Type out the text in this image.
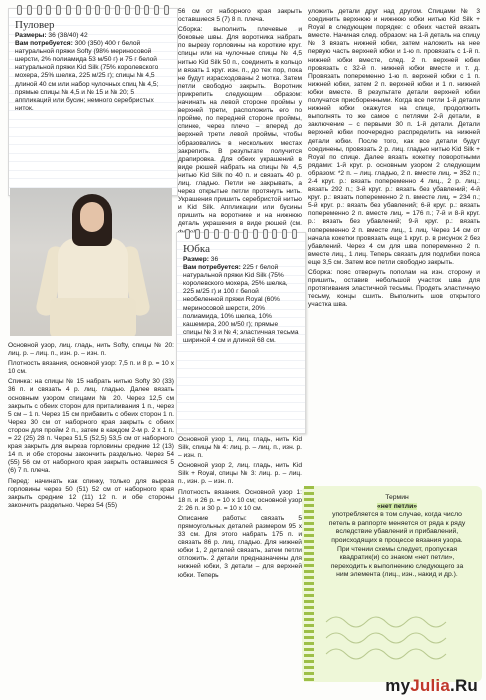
Пуловер
Размеры: 36 (38/40) 42
Вам потребуется: 300 (350) 400 г белой натуральной пряжи Softy (98% мериносовой шерсти, 2% полиамида 53 м/50 г) и 75 г белой натуральной пряжи Kid Silk (75% королевского мохера, 25% шелка, 225 м/25 г); спицы № 4,5 длиной 40 см или набор чулочных спиц № 4,5; прямые спицы № 4,5 и № 15 и № 20; 5 аппликаций или бусин; немного серебристых ниток.

Основной узор, лиц. гладь, нить Softy, спицы № 20: лиц. р. – лиц. п., изн. р. – изн. п.

Плотность вязания, основной узор: 7,5 п. и 8 р. = 10 х 10 см.

Спинка: на спицы № 15 набрать нитью Softy 30 (33) 36 п. и связать 4 р. лиц. гладью. Далее вязать основным узором спицами № 20. Через 12,5 см закрыть с обеих сторон для приталивания 1 п., через 5 см – 1 п. Через 15 см прибавить с обеих сторон 1 п. Через 30 см от наборного края закрыть с обеих сторон для пройм 2 п., затем в каждом 2-м р. 2 х 1 п. = 22 (25) 28 п. Через 51,5 (52,5) 53,5 см от наборного края закрыть для выреза горловины средние 12 (13) 14 п. и обе стороны закончить раздельно. Через 54 (55) 56 см от наборного края закрыть оставшиеся 5 (6) 7 п. плеча.

Перед: начинать как спинку, только для выреза горловины через 50 (51) 52 см от наборного края закрыть средние 12 (11) 12 п. и обе стороны закончить раздельно. Через 54 (55)

56 см от наборного края закрыть оставшиеся 5 (7) 8 п. плеча.

Сборка: выполнить плечевые и боковые швы. Для воротника набрать по вырезу горловины на короткие круг. спицы или на чулочные спицы № 4,5 нитью Kid Silk 50 п., соединить в кольцо и вязать 1 круг. изн. п., до тех пор, пока не будут израсходованы 2 мотка. Затем петли свободно закрыть. Воротник прикрепить следующим образом: начинать на левой стороне проймы у верхней трети, расположить его по пройме, по передней стороне проймы, спинке, через плечо – вперед до верхней трети левой проймы, чтобы образовались в нескольких местах закрепить. В результате получится драпировка. Для обеих украшений в виде рюшей набрать на спицы № 4,5 нитью Kid Silk по 40 п. и связать 40 р. лиц. гладью. Петли не закрывать, а через открытые петли протянуть нить. Украшения пришить серебристой нитью и Kid Silk. Аппликации или бусины пришить на воротнике и на нижнюю деталь украшения в виде рюшей (см.

Юбка
Размер: 36
Вам потребуется: 225 г белой натуральной пряжи Kid Silk (75% королевского мохера, 25% шелка, 225 м/25 г) и 100 г белой необеленной пряжи Royal (60% мериносовой шерсти, 20% полиамида, 10% шелка, 10% кашемира, 200 м/50 г); прямые спицы № 3 и № 4; эластичная тесьма шириной 4 см и длиной 68 см.

Основной узор 1, лиц. гладь, нить Kid Silk, спицы № 4: лиц. р. – лиц. п., изн. р. – изн. п.

Основной узор 2, лиц. гладь, нить Kid Silk + Royal, спицы № 3: лиц. р. – лиц. п., изн. р. – изн. п.

Плотность вязания. Основной узор 1: 18 п. и 26 р. = 10 х 10 см; основной узор 2: 26 п. и 30 р. = 10 х 10 см.

Описание работы: связать 5 прямоугольных деталей размером 95 х 33 см. Для этого набрать 175 п. и связать 86 р. лиц. гладью. Для нижней юбки 1, 2 деталей связать, затем петли отложить. 2 детали предназначены для нижней юбки, 3 детали – для верхней юбки. Теперь

уложить детали друг над другом. Спицами № 3 соединить верхнюю и нижнюю юбки нитью Kid Silk + Royal в следующем порядке: с обеих частей вязать вместе. Начиная след. образом: на 1-й деталь на спицу № 3 вязать нижней юбки, затем наложить на нее первую часть верхней юбки и 1-ю п. провязать с 1-й п. нижней юбки вместе, след. 2 п. верхней юбки провязать с 32-й п. нижней юбки вместе и т. д. Провязать попеременно 1-ю п. верхней юбки с 1 п. нижней юбки, затем 2 п. верхней юбки и 1 п. нижней юбки вместе. В результате детали верхней юбки получатся присборенными. Когда все петли 1-й детали нижней юбки окажутся на спице, продолжить выполнять то же самое с петлями 2-й детали, в заключение – с первыми 30 п. 1-й детали. Детали верхней юбки поочередно распределить на нижней детали юбки. После того, как все детали будут соединены, провязать 2 р. лиц. гладью нитью Kid Silk + Royal по спице. Далее вязать кокетку поворотными рядами: 1-й круг. р. основным узором 2 следующим образом: *2 п. – лиц. гладью, 2 п. вместе лиц. = 352 п.; 2-4 круг. р.: вязать попеременно 4 лиц., 2 р. лиц.: вязать 292 п.; 3-й круг. р.: вязать без убавлений; 4-й круг. р.: вязать попеременно 2 п. вместе лиц. = 234 п.; 5-й круг. р.: вязать без убавлений; 6-й круг. р.: вязать попеременно 2 п. вместе лиц. = 176 п.; 7-й и 8-й круг. р.: вязать без убавлений; 9-й круг. р.: вязать попеременно 2 п. вместе лиц., 1 лиц. Через 14 см от начала кокетки провязать еще 1 круг. р. в рисунок 2 без убавлений. Через 4 см для шва попеременно 2 п. вместе лиц., 1 лиц. Теперь связать для подгибки пояса еще 3,5 см. Затем все петли свободно закрыть.

Сборка: пояс отвернуть пополам на изн. сторону и пришить, оставив небольшой участок шва для протягивания эластичной тесьмы. Продеть эластичную тесьму, концы сшить. Выполнить шов открытого участка шва.

Термин
«нет петли»
употребляется в том случае, когда число петель в раппорте меняется от ряда к ряду вследствие убавлений и прибавлений, происходящих в процессе вязания узора.
При чтении схемы следует, пропуская квадратик(и) со знаком «нет петли», переходить к выполнению следующего за ним элемента (лиц., изн., накид и др.).
myJulia.Ru
